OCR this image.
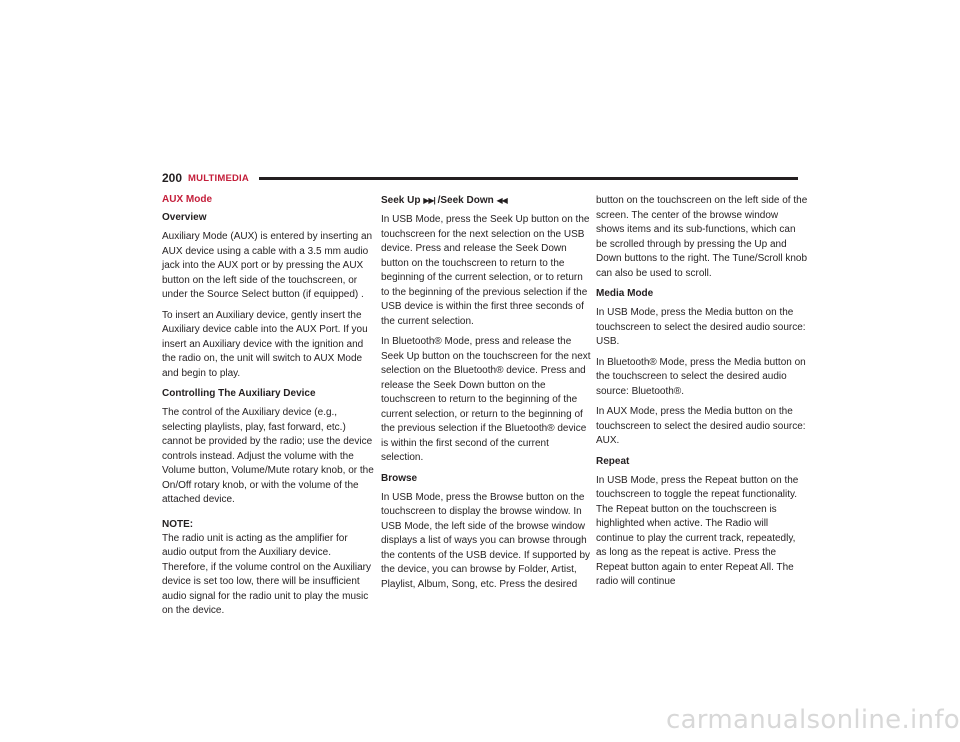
200 MULTIMEDIA
AUX Mode
Overview

Auxiliary Mode (AUX) is entered by inserting an AUX device using a cable with a 3.5 mm audio jack into the AUX port or by pressing the AUX button on the left side of the touchscreen, or under the Source Select button (if equipped) .

To insert an Auxiliary device, gently insert the Auxiliary device cable into the AUX Port. If you insert an Auxiliary device with the ignition and the radio on, the unit will switch to AUX Mode and begin to play.

Controlling The Auxiliary Device

The control of the Auxiliary device (e.g., selecting playlists, play, fast forward, etc.) cannot be provided by the radio; use the device controls instead. Adjust the volume with the Volume button, Volume/Mute rotary knob, or the On/Off rotary knob, or with the volume of the attached device.

NOTE:

The radio unit is acting as the amplifier for audio output from the Auxiliary device. Therefore, if the volume control on the Auxiliary device is set too low, there will be insufficient audio signal for the radio unit to play the music on the device.

Seek Up ▶▶| /Seek Down ◀◀

In USB Mode, press the Seek Up button on the touchscreen for the next selection on the USB device. Press and release the Seek Down button on the touchscreen to return to the beginning of the current selection, or to return to the beginning of the previous selection if the USB device is within the first three seconds of the current selection.

In Bluetooth® Mode, press and release the Seek Up button on the touchscreen for the next selection on the Bluetooth® device. Press and release the Seek Down button on the touchscreen to return to the beginning of the current selection, or return to the beginning of the previous selection if the Bluetooth® device is within the first second of the current selection.

Browse

In USB Mode, press the Browse button on the touchscreen to display the browse window. In USB Mode, the left side of the browse window displays a list of ways you can browse through the contents of the USB device. If supported by the device, you can browse by Folder, Artist, Playlist, Album, Song, etc. Press the desired

button on the touchscreen on the left side of the screen. The center of the browse window shows items and its sub-functions, which can be scrolled through by pressing the Up and Down buttons to the right. The Tune/Scroll knob can also be used to scroll.

Media Mode

In USB Mode, press the Media button on the touchscreen to select the desired audio source: USB.

In Bluetooth® Mode, press the Media button on the touchscreen to select the desired audio source: Bluetooth®.

In AUX Mode, press the Media button on the touchscreen to select the desired audio source: AUX.

Repeat

In USB Mode, press the Repeat button on the touchscreen to toggle the repeat functionality. The Repeat button on the touchscreen is highlighted when active. The Radio will continue to play the current track, repeatedly, as long as the repeat is active. Press the Repeat button again to enter Repeat All. The radio will continue

carmanualsonline.info
